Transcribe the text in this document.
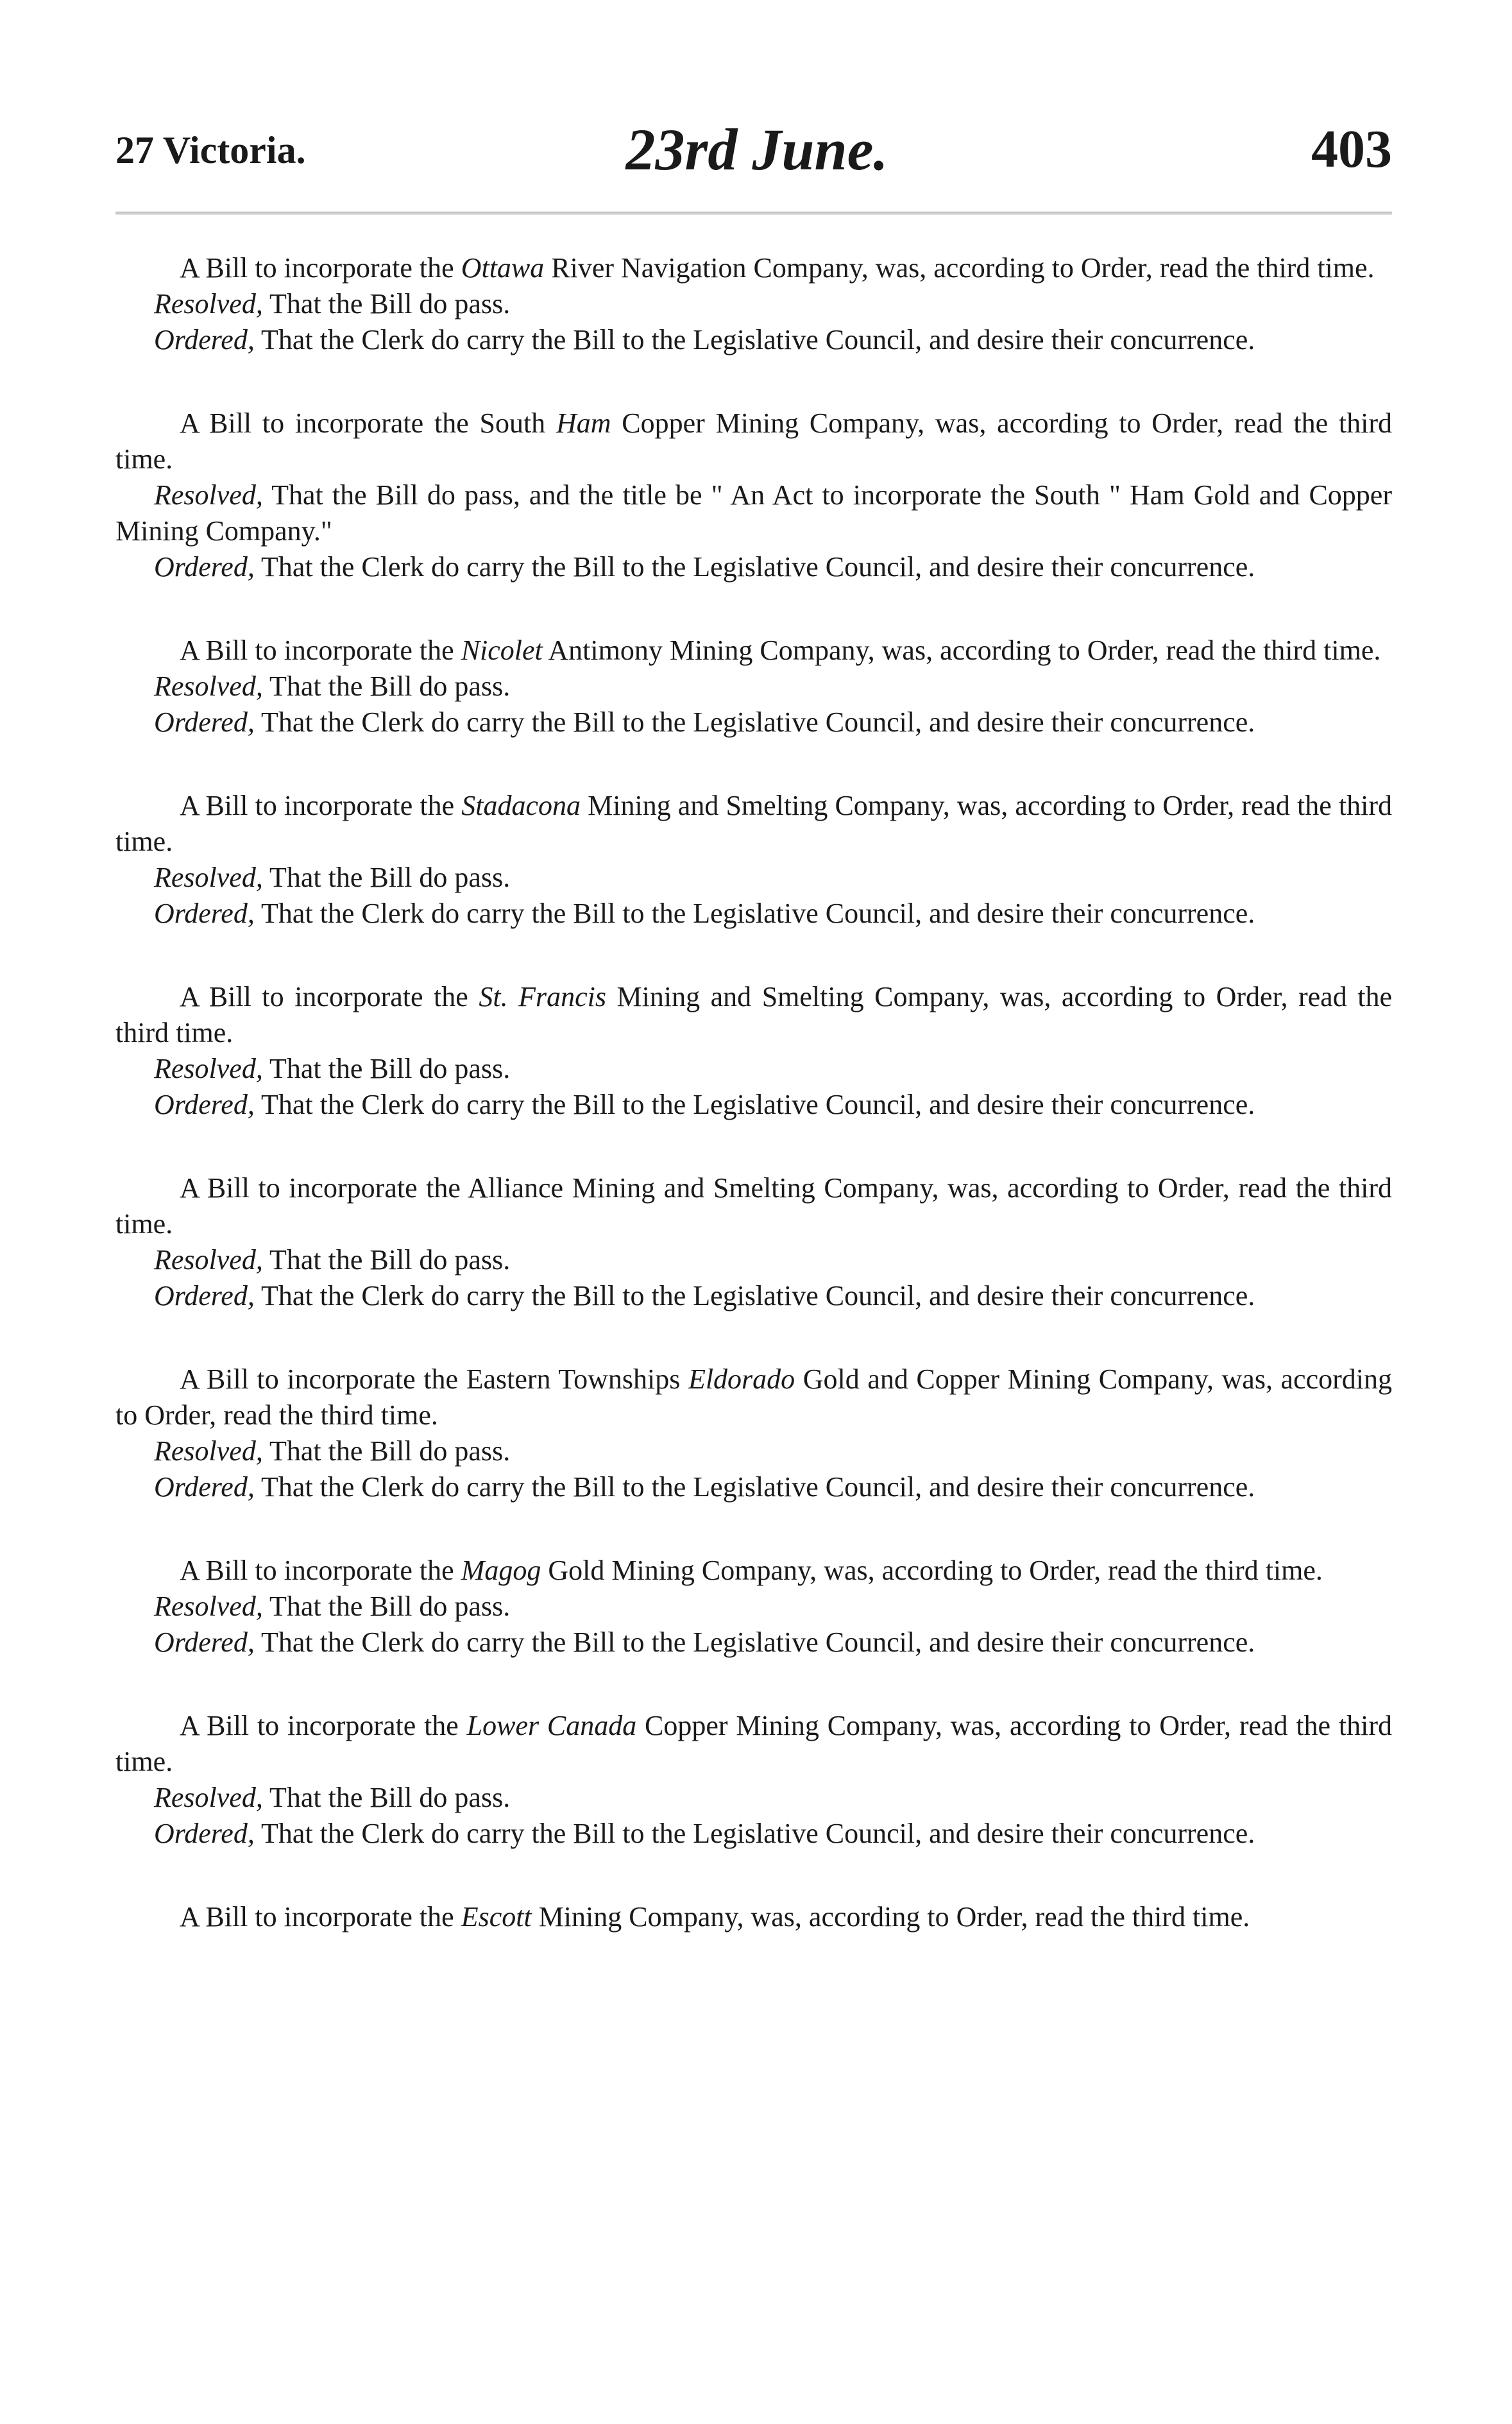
27 Victoria.	23rd June.	403

A Bill to incorporate the Ottawa River Navigation Company, was, according to Order, read the third time.

Resolved, That the Bill do pass.

Ordered, That the Clerk do carry the Bill to the Legislative Council, and desire their concurrence.

A Bill to incorporate the South Ham Copper Mining Company, was, according to Order, read the third time.

Resolved, That the Bill do pass, and the title be " An Act to incorporate the South " Ham Gold and Copper Mining Company."

Ordered, That the Clerk do carry the Bill to the Legislative Council, and desire their concurrence.

A Bill to incorporate the Nicolet Antimony Mining Company, was, according to Order, read the third time.

Resolved, That the Bill do pass.

Ordered, That the Clerk do carry the Bill to the Legislative Council, and desire their concurrence.

A Bill to incorporate the Stadacona Mining and Smelting Company, was, according to Order, read the third time.

Resolved, That the Bill do pass.

Ordered, That the Clerk do carry the Bill to the Legislative Council, and desire their concurrence.

A Bill to incorporate the St. Francis Mining and Smelting Company, was, according to Order, read the third time.

Resolved, That the Bill do pass.

Ordered, That the Clerk do carry the Bill to the Legislative Council, and desire their concurrence.

A Bill to incorporate the Alliance Mining and Smelting Company, was, according to Order, read the third time.

Resolved, That the Bill do pass.

Ordered, That the Clerk do carry the Bill to the Legislative Council, and desire their concurrence.

A Bill to incorporate the Eastern Townships Eldorado Gold and Copper Mining Company, was, according to Order, read the third time.

Resolved, That the Bill do pass.

Ordered, That the Clerk do carry the Bill to the Legislative Council, and desire their concurrence.

A Bill to incorporate the Magog Gold Mining Company, was, according to Order, read the third time.

Resolved, That the Bill do pass.

Ordered, That the Clerk do carry the Bill to the Legislative Council, and desire their concurrence.

A Bill to incorporate the Lower Canada Copper Mining Company, was, according to Order, read the third time.

Resolved, That the Bill do pass.

Ordered, That the Clerk do carry the Bill to the Legislative Council, and desire their concurrence.

A Bill to incorporate the Escott Mining Company, was, according to Order, read the third time.
